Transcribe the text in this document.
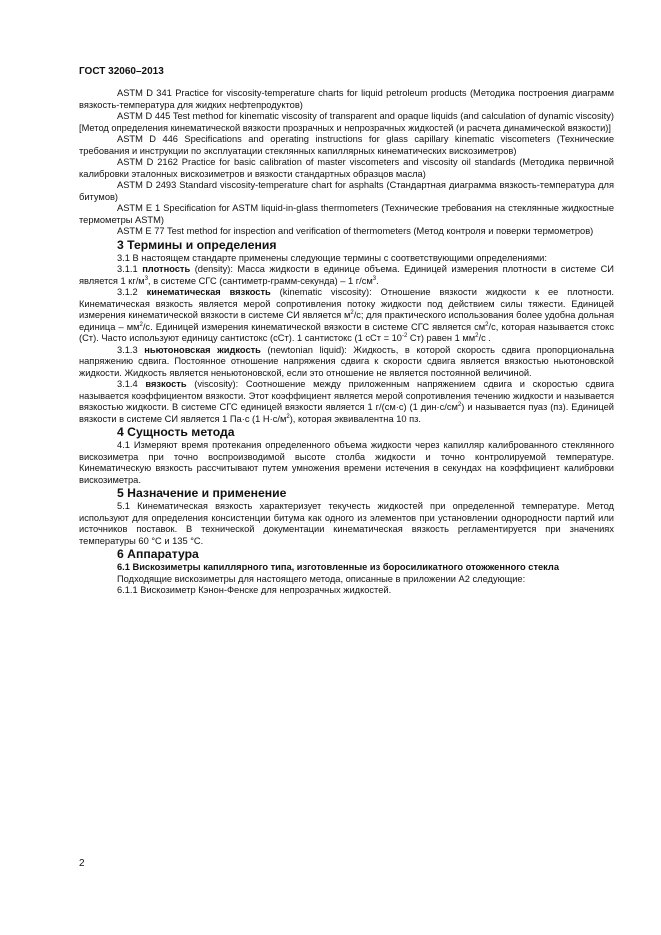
ГОСТ 32060–2013

ASTM D 341 Practice for viscosity-temperature charts for liquid petroleum products (Методика построения диаграмм вязкость-температура для жидких нефтепродуктов)

ASTM D 445 Test method for kinematic viscosity of transparent and opaque liquids (and calculation of dynamic viscosity) [Метод определения кинематической вязкости прозрачных и непрозрачных жидкостей (и расчета динамической вязкости)]

ASTM D 446 Specifications and operating instructions for glass capillary kinematic viscometers (Технические требования и инструкции по эксплуатации стеклянных капиллярных кинематических вискозиметров)

ASTM D 2162 Practice for basic calibration of master viscometers and viscosity oil standards (Методика первичной калибровки эталонных вискозиметров и вязкости стандартных образцов масла)

ASTM D 2493 Standard viscosity-temperature chart for asphalts (Стандартная диаграмма вязкость-температура для битумов)

ASTM E 1 Specification for ASTM liquid-in-glass thermometers (Технические требования на стеклянные жидкостные термометры ASTM)

ASTM E 77 Test method for inspection and verification of thermometers (Метод контроля и поверки термометров)

3 Термины и определения

3.1 В настоящем стандарте применены следующие термины с соответствующими определениями:

3.1.1 плотность (density): Масса жидкости в единице объема. Единицей измерения плотности в системе СИ является 1 $кг/м^3$, в системе СГС (сантиметр-грамм-секунда) – 1 $г/см^3$.

3.1.2 кинематическая вязкость (kinematic viscosity): Отношение вязкости жидкости к ее плотности. Кинематическая вязкость является мерой сопротивления потоку жидкости под действием силы тяжести. Единицей измерения кинематической вязкости в системе СИ является $м^2/с$; для практического использования более удобна дольная единица – $мм^2/с$. Единицей измерения кинематической вязкости в системе СГС является $см^2/с$, которая называется стокс (Ст). Часто используют единицу сантистокс (сСт). 1 сантистокс (1 сСт = $10^{-2}$ Ст) равен 1 $мм^2/с$ .

3.1.3 ньютоновская жидкость (newtonian liquid): Жидкость, в которой скорость сдвига пропорциональна напряжению сдвига. Постоянное отношение напряжения сдвига к скорости сдвига является вязкостью ньютоновской жидкости. Жидкость является неньютоновской, если это отношение не является постоянной величиной.

3.1.4 вязкость (viscosity): Соотношение между приложенным напряжением сдвига и скоростью сдвига называется коэффициентом вязкости. Этот коэффициент является мерой сопротивления течению жидкости и называется вязкостью жидкости. В системе СГС единицей вязкости является 1 г/(см·с) (1 $дин\cdot с/см^2$) и называется пуаз (пз). Единицей вязкости в системе СИ является 1 Па·с (1 $Н\cdot с/м^2$), которая эквивалентна 10 пз.

4 Сущность метода

4.1 Измеряют время протекания определенного объема жидкости через капилляр калиброванного стеклянного вискозиметра при точно воспроизводимой высоте столба жидкости и точно контролируемой температуре. Кинематическую вязкость рассчитывают путем умножения времени истечения в секундах на коэффициент калибровки вискозиметра.

5 Назначение и применение

5.1 Кинематическая вязкость характеризует текучесть жидкостей при определенной температуре. Метод используют для определения консистенции битума как одного из элементов при установлении однородности партий или источников поставок. В технической документации кинематическая вязкость регламентируется при значениях температуры 60 °С и 135 °С.

6 Аппаратура
6.1 Вискозиметры капиллярного типа, изготовленные из боросиликатного отожженного стекла

Подходящие вискозиметры для настоящего метода, описанные в приложении А2 следующие:

6.1.1 Вискозиметр Кэнон-Фенске для непрозрачных жидкостей.

2
